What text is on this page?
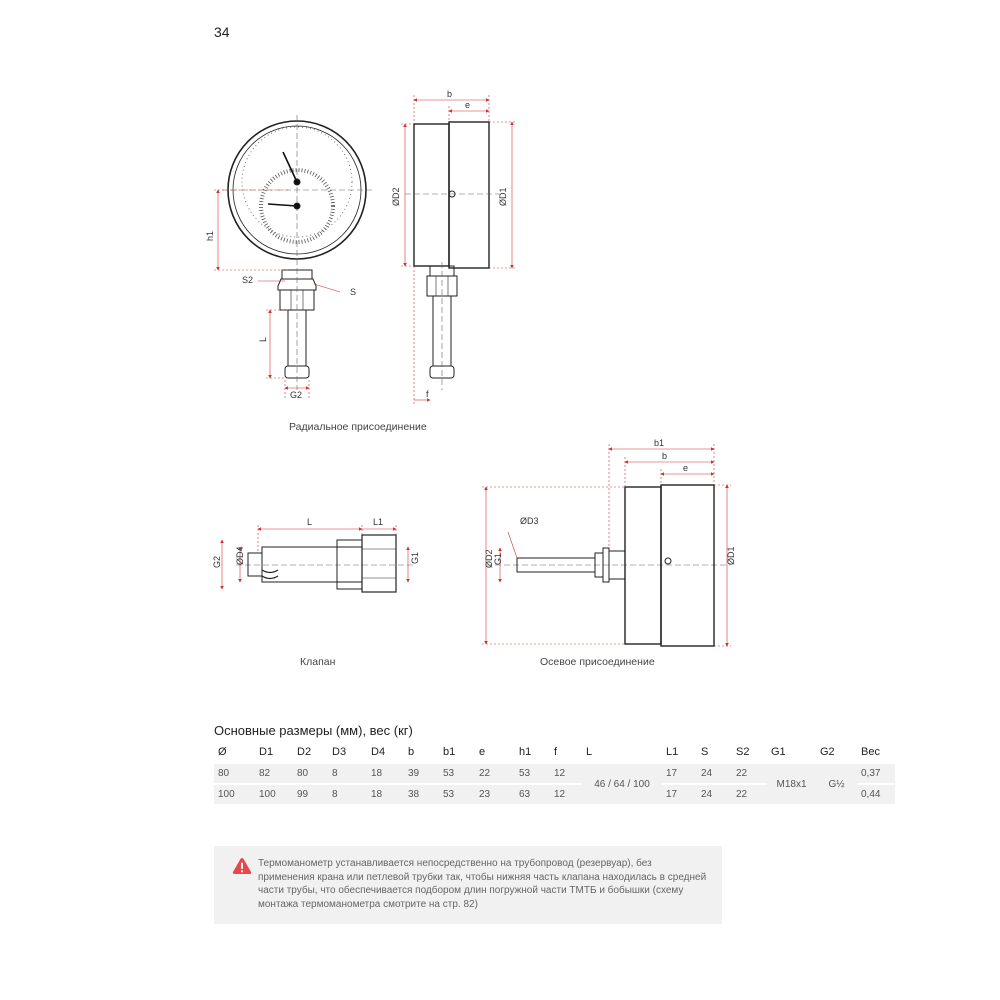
34
h1
S2
S
L
G2
b
e
ØD2	ØD1
f
L	L1
G2 ØD4	G1
b1
b
e
ØD3
ØD2 G1	ØD1
Радиальное присоединение
Клапан	Осевое присоединение
Основные размеры (мм), вес (кг)
Ø	D1	D2	D3	D4	b	b1	e	h1	f	L	L1	S	S2	G1	G2	Вес
80	82	80	8	18	39	53	22	53	12	46 / 64 / 100	17	24	22	M18x1	G½	0,37
100	100	99	8	18	38	53	23	63	12		17	24	22			0,44
Термоманометр устанавливается непосредственно на трубопровод (резервуар), без применения крана или петлевой трубки так, чтобы нижняя часть клапана находилась в средней части трубы, что обеспечивается подбором длин погружной части ТМТБ и бобышки (схему монтажа термоманометра смотрите на стр. 82)
